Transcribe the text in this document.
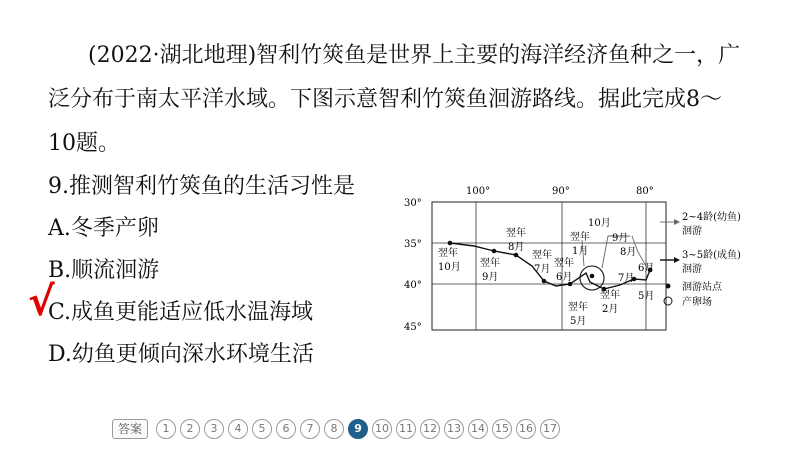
(2022·湖北地理)智利竹筴鱼是世界上主要的海洋经济鱼种之一，广
泛分布于南太平洋水域。下图示意智利竹筴鱼洄游路线。据此完成8～
10题。
9.推测智利竹筴鱼的生活习性是
A.冬季产卵
B.顺流洄游
C.成鱼更能适应低水温海域
D.幼鱼更倾向深水环境生活
√
100°	90°	80°
30°
35°
40°
45°
翌年
10月 翌年
9月
翌年
8月
翌年
7月
翌年
6月
翌年
5月
翌年
2月
翌年
1月
10月
9月
8月
7月
6月
5月
2~4龄(幼鱼)
洄游
3~5龄(成鱼)
洄游
洄游站点
产卵场
答案	1	2	3	4	5	6	7	8	9	10 11 12 13 14 15 16 17
